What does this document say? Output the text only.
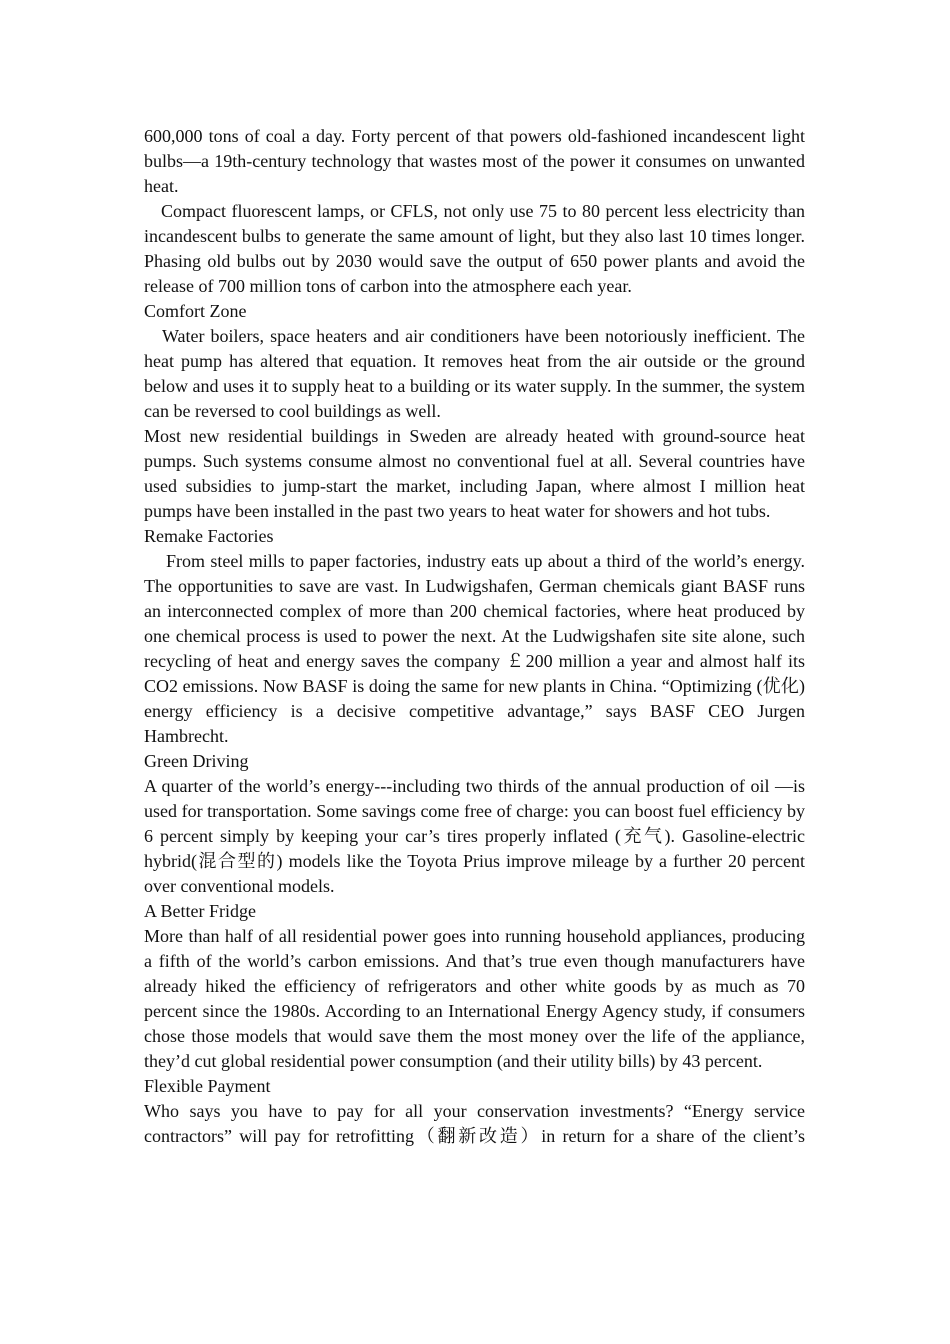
600,000 tons of coal a day. Forty percent of that powers old-fashioned incandescent light bulbs—a 19th-century technology that wastes most of the power it consumes on unwanted heat.

Compact fluorescent lamps, or CFLS, not only use 75 to 80 percent less electricity than incandescent bulbs to generate the same amount of light, but they also last 10 times longer. Phasing old bulbs out by 2030 would save the output of 650 power plants and avoid the release of 700 million tons of carbon into the atmosphere each year.

Comfort Zone

Water boilers, space heaters and air conditioners have been notoriously inefficient. The heat pump has altered that equation. It removes heat from the air outside or the ground below and uses it to supply heat to a building or its water supply. In the summer, the system can be reversed to cool buildings as well.

Most new residential buildings in Sweden are already heated with ground-source heat pumps. Such systems consume almost no conventional fuel at all. Several countries have used subsidies to jump-start the market, including Japan, where almost I million heat pumps have been installed in the past two years to heat water for showers and hot tubs.

Remake Factories

From steel mills to paper factories, industry eats up about a third of the world’s energy. The opportunities to save are vast. In Ludwigshafen, German chemicals giant BASF runs an interconnected complex of more than 200 chemical factories, where heat produced by one chemical process is used to power the next. At the Ludwigshafen site site alone, such recycling of heat and energy saves the company ￡200 million a year and almost half its CO2 emissions. Now BASF is doing the same for new plants in China. “Optimizing (优化) energy efficiency is a decisive competitive advantage,” says BASF CEO Jurgen Hambrecht.

Green Driving

A quarter of the world’s energy---including two thirds of the annual production of oil —is used for transportation. Some savings come free of charge: you can boost fuel efficiency by 6 percent simply by keeping your car’s tires properly inflated (充气). Gasoline-electric hybrid(混合型的) models like the Toyota Prius improve mileage by a further 20 percent over conventional models.

A Better Fridge

More than half of all residential power goes into running household appliances, producing a fifth of the world’s carbon emissions. And that’s true even though manufacturers have already hiked the efficiency of refrigerators and other white goods by as much as 70 percent since the 1980s. According to an International Energy Agency study, if consumers chose those models that would save them the most money over the life of the appliance, they’d cut global residential power consumption (and their utility bills) by 43 percent.

Flexible Payment

Who says you have to pay for all your conservation investments? “Energy service contractors” will pay for retrofitting（翻新改造）in return for a share of the client’s
